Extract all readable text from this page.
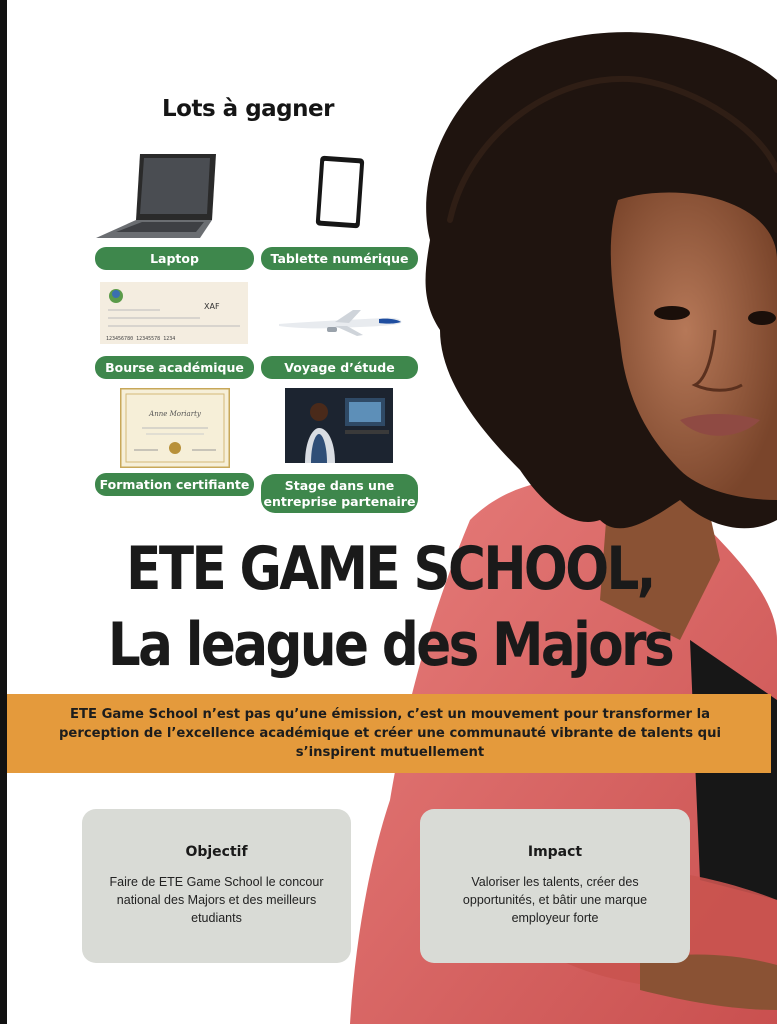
Lots à gagner
Laptop	Tablette numérique
XAF
123456780 12345578 1234
Bourse académique	Voyage d’étude
Anne Moriarty
Formation certifiante	Stage dans une entreprise partenaire
ETE GAME SCHOOL,
La league des Majors
ETE Game School n’est pas qu’une émission, c’est un mouvement pour transformer la perception de l’excellence académique et créer une communauté vibrante de talents qui s’inspirent mutuellement
Objectif
Faire de ETE Game School le concour national des Majors et des meilleurs etudiants
Impact
Valoriser les talents, créer des opportunités, et bâtir une marque employeur forte
